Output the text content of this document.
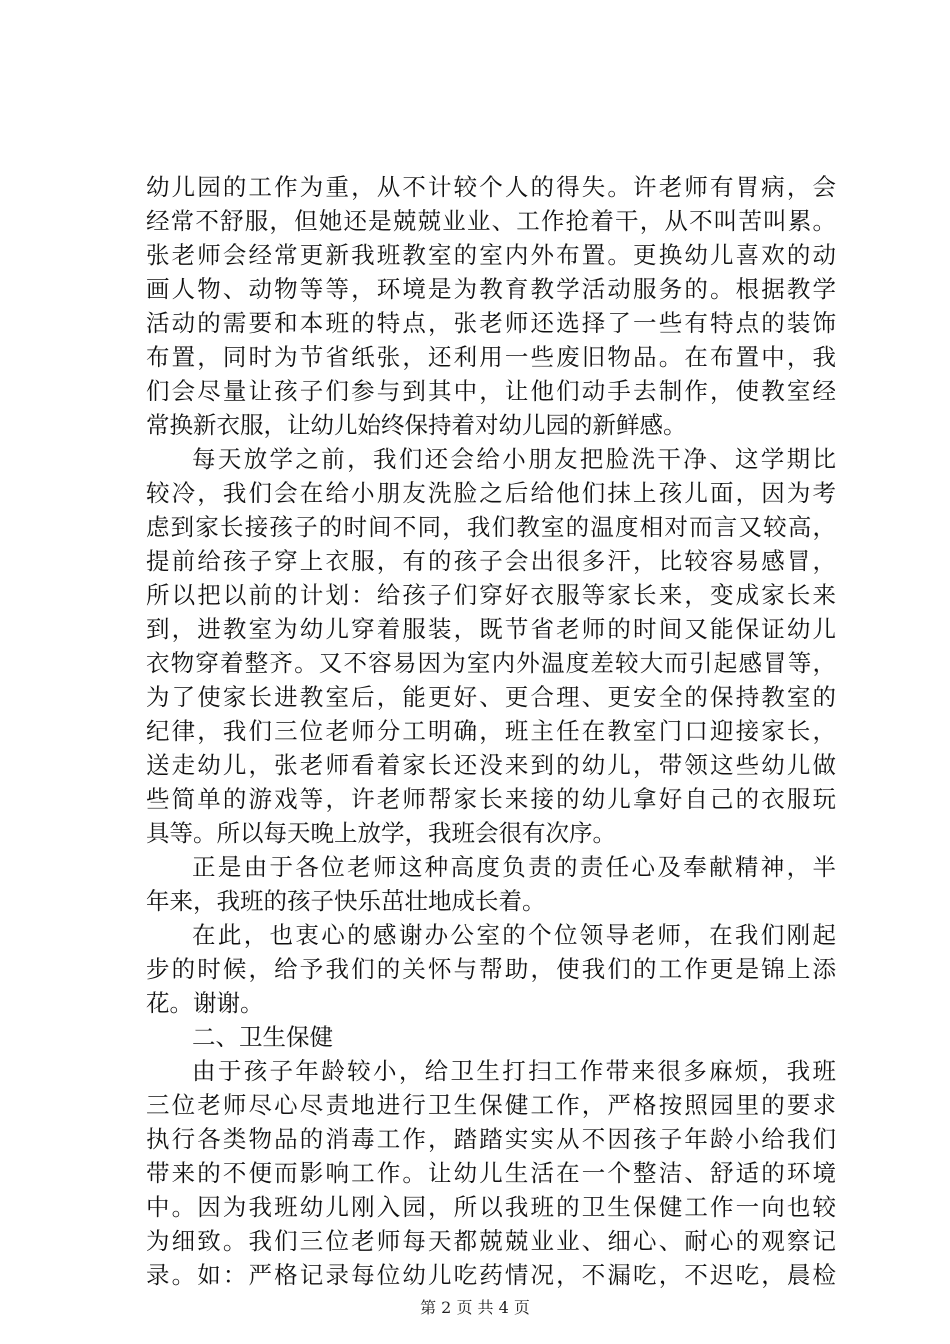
幼儿园的工作为重，从不计较个人的得失。许老师有胃病，会
经常不舒服，但她还是兢兢业业、工作抢着干，从不叫苦叫累。
张老师会经常更新我班教室的室内外布置。更换幼儿喜欢的动
画人物、动物等等，环境是为教育教学活动服务的。根据教学
活动的需要和本班的特点，张老师还选择了一些有特点的装饰
布置，同时为节省纸张，还利用一些废旧物品。在布置中，我
们会尽量让孩子们参与到其中，让他们动手去制作，使教室经
常换新衣服，让幼儿始终保持着对幼儿园的新鲜感。
每天放学之前，我们还会给小朋友把脸洗干净、这学期比
较冷，我们会在给小朋友洗脸之后给他们抹上孩儿面，因为考
虑到家长接孩子的时间不同，我们教室的温度相对而言又较高，
提前给孩子穿上衣服，有的孩子会出很多汗，比较容易感冒，
所以把以前的计划：给孩子们穿好衣服等家长来，变成家长来
到，进教室为幼儿穿着服装，既节省老师的时间又能保证幼儿
衣物穿着整齐。又不容易因为室内外温度差较大而引起感冒等，
为了使家长进教室后，能更好、更合理、更安全的保持教室的
纪律，我们三位老师分工明确，班主任在教室门口迎接家长，
送走幼儿，张老师看着家长还没来到的幼儿，带领这些幼儿做
些简单的游戏等，许老师帮家长来接的幼儿拿好自己的衣服玩
具等。所以每天晚上放学，我班会很有次序。
正是由于各位老师这种高度负责的责任心及奉献精神，半
年来，我班的孩子快乐茁壮地成长着。
在此，也衷心的感谢办公室的个位领导老师，在我们刚起
步的时候，给予我们的关怀与帮助，使我们的工作更是锦上添
花。谢谢。
二、卫生保健
由于孩子年龄较小，给卫生打扫工作带来很多麻烦，我班
三位老师尽心尽责地进行卫生保健工作，严格按照园里的要求
执行各类物品的消毒工作，踏踏实实从不因孩子年龄小给我们
带来的不便而影响工作。让幼儿生活在一个整洁、舒适的环境
中。因为我班幼儿刚入园，所以我班的卫生保健工作一向也较
为细致。我们三位老师每天都兢兢业业、细心、耐心的观察记
录。如：严格记录每位幼儿吃药情况，不漏吃，不迟吃，晨检
第 2 页 共 4 页
